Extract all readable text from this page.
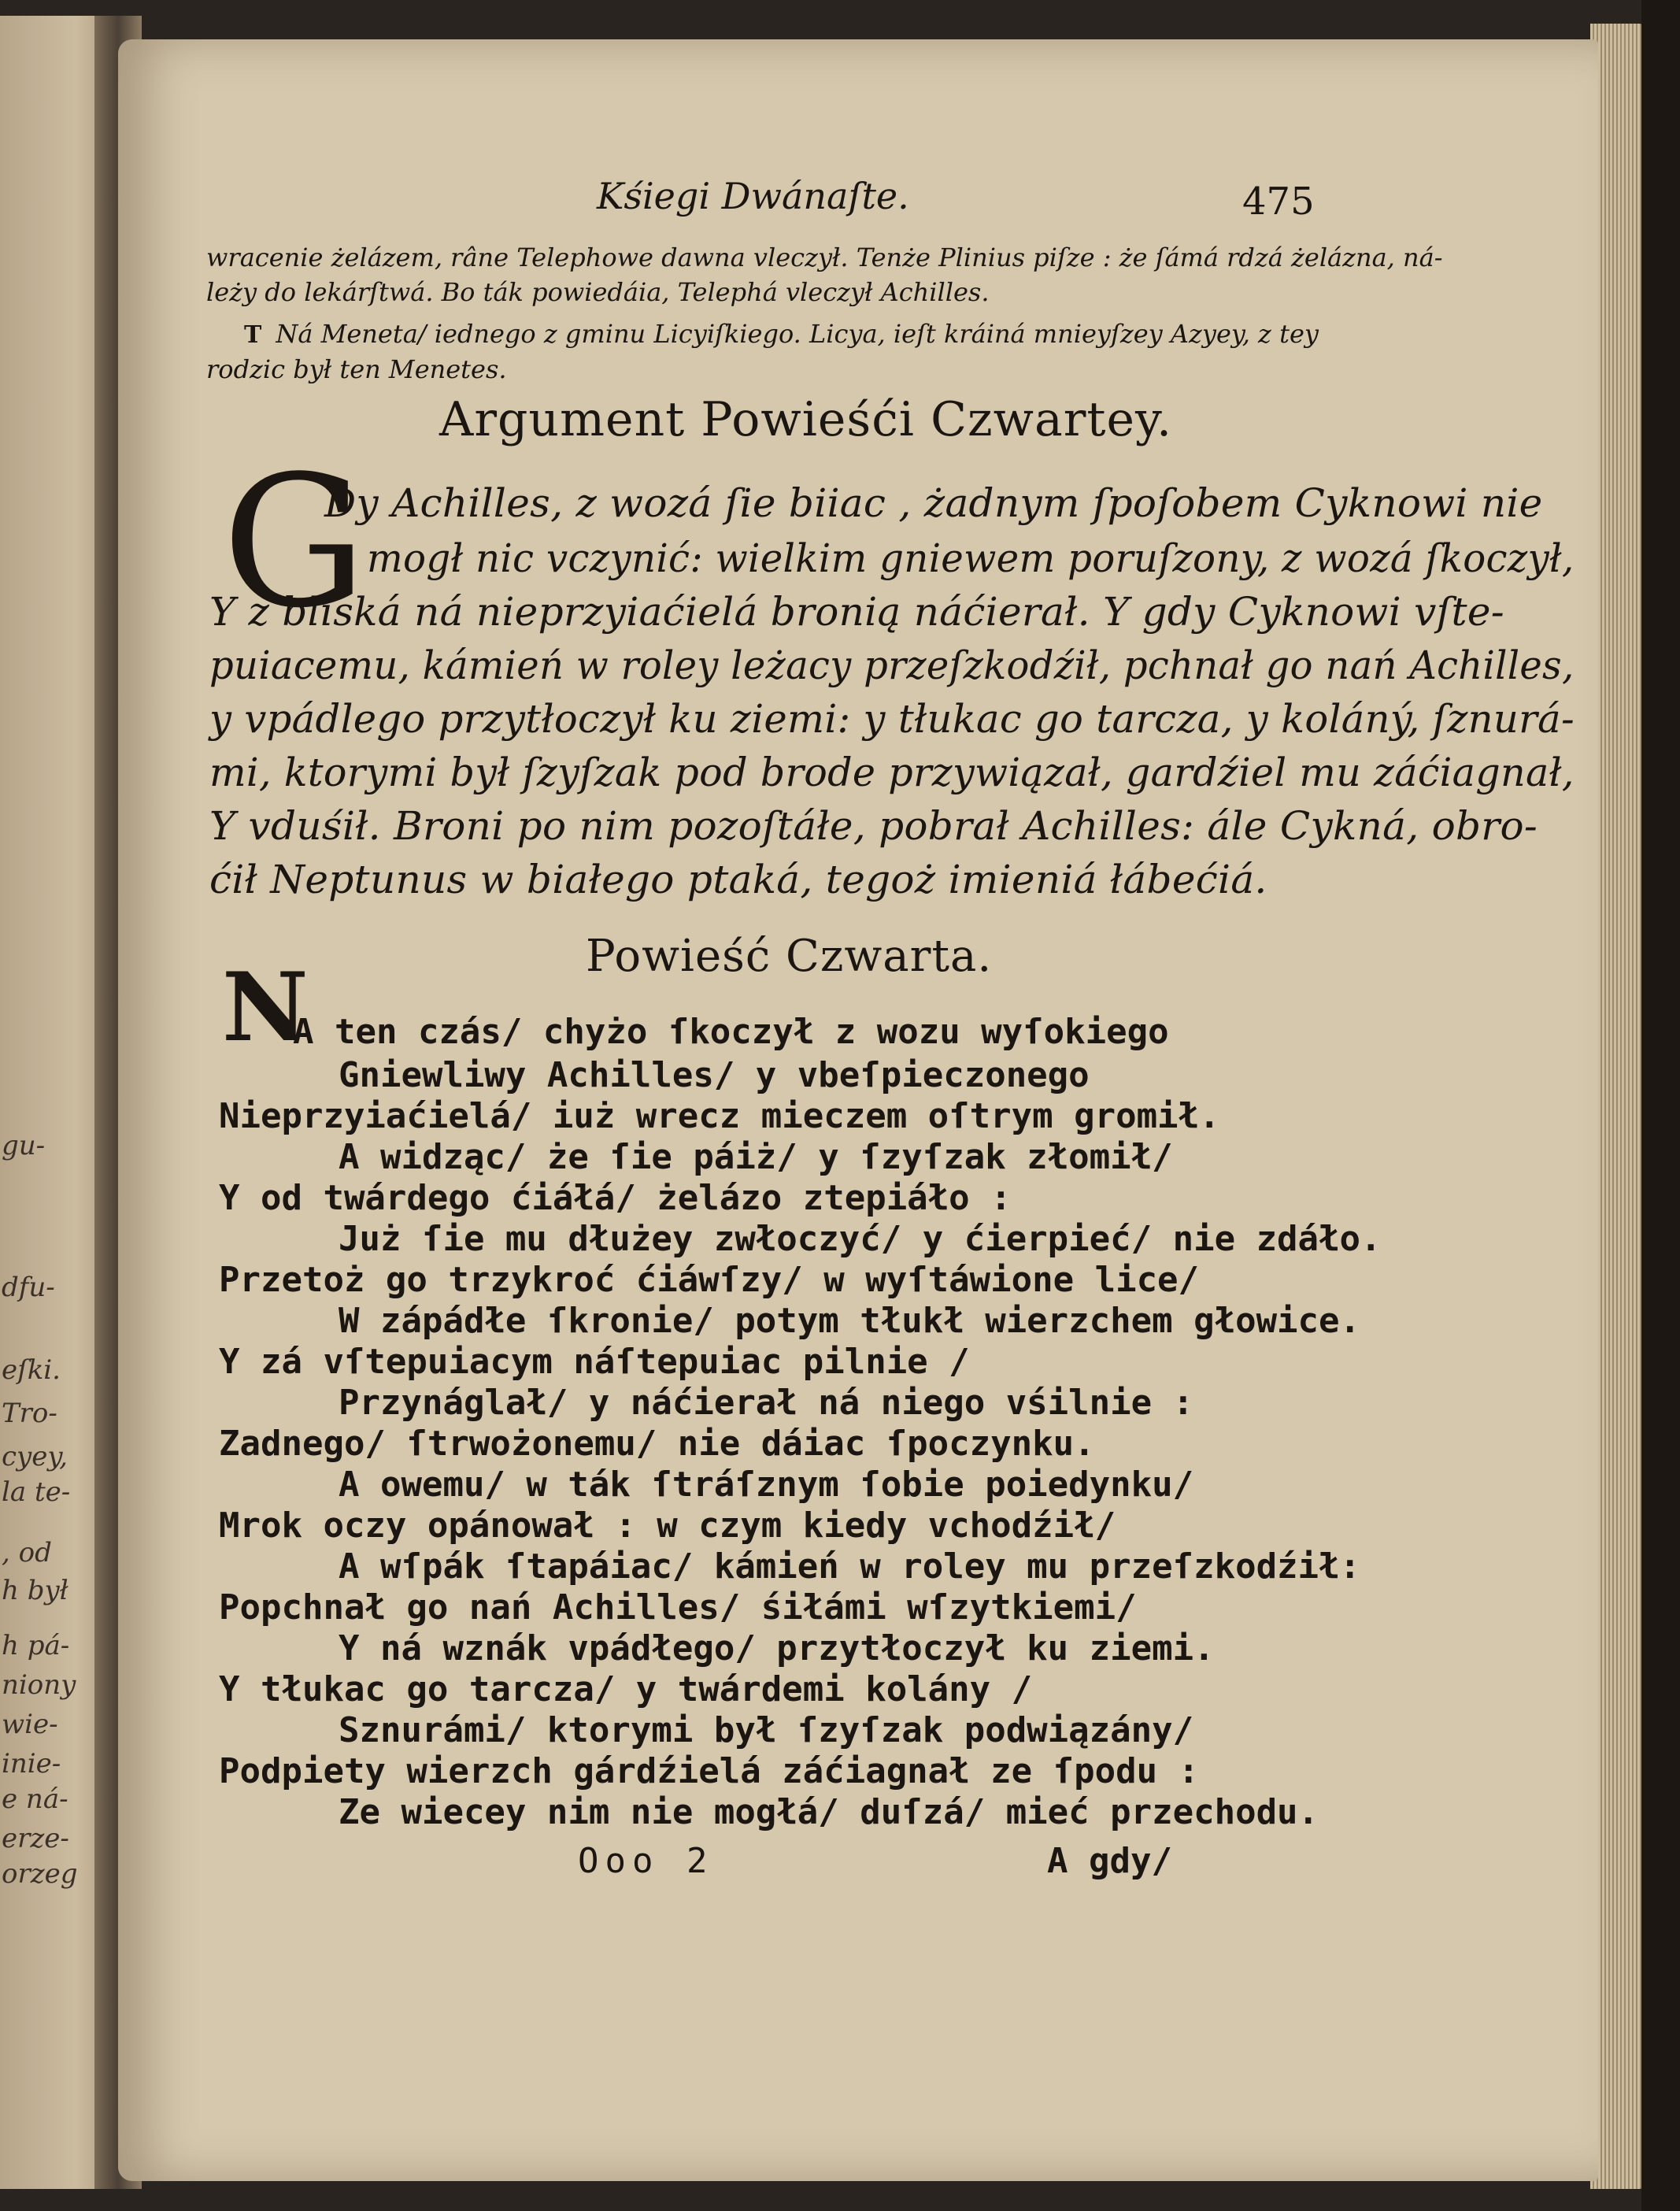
gu-
dfu-
eſki.
Tro-
cyey,
la te-
, od
h był
h pá-
niony
wie-
inie-
e ná-
erze-
orzeg
Kśiegi Dwánaſte.	475
wracenie żelázem, râne Telephowe dawna vleczył. Tenże Plinius piſze : że ſámá rdzá żelázna, ná-
leży do lekárſtwá. Bo ták powiedáia, Telephá vleczył Achilles.
T Ná Meneta/ iednego z gminu Licyiſkiego. Licya, ieſt kráiná mnieyſzey Azyey, z tey
rodzic był ten Menetes.
Argument Powieśći Czwartey.
G
Dy Achilles, z wozá ſie biiac , żadnym ſpoſobem Cyknowi nie
mogł nic vczynić: wielkim gniewem poruſzony, z wozá ſkoczył,
Y z bliská ná nieprzyiaćielá bronią náćierał. Y gdy Cyknowi vſte-
puiacemu, kámień w roley leżacy przeſzkodźił, pchnał go nań Achilles,
y vpádlego przytłoczył ku ziemi: y tłukac go tarcza, y koláný, ſznurá-
mi, ktorymi był ſzyſzak pod brode przywiązał, gardźiel mu záćiagnał,
Y vduśił. Broni po nim pozoſtáłe, pobrał Achilles: ále Cykná, obro-
ćił Neptunus w białego ptaká, tegoż imieniá łábećiá.
Powieść Czwarta.
N
A ten czás/ chyżo ſkoczył z wozu wyſokiego
Gniewliwy Achilles/ y vbeſpieczonego
Nieprzyiaćielá/ iuż wrecz mieczem oſtrym gromił.
A widząc/ że ſie páiż/ y ſzyſzak złomił/
Y od twárdego ćiáłá/ żelázo ztepiáło :
Już ſie mu dłużey zwłoczyć/ y ćierpieć/ nie zdáło.
Przetoż go trzykroć ćiáwſzy/ w wyſtáwione lice/
W zápádłe ſkronie/ potym tłukł wierzchem głowice.
Y zá vſtepuiacym náſtepuiac pilnie /
Przynáglał/ y náćierał ná niego vśilnie :
Zadnego/ ſtrwożonemu/ nie dáiac ſpoczynku.
A owemu/ w ták ſtráſznym ſobie poiedynku/
Mrok oczy opánował : w czym kiedy vchodźił/
A wſpák ſtapáiac/ kámień w roley mu przeſzkodźił:
Popchnał go nań Achilles/ śiłámi wſzytkiemi/
Y ná wznák vpádłego/ przytłoczył ku ziemi.
Y tłukac go tarcza/ y twárdemi kolány /
Sznurámi/ ktorymi był ſzyſzak podwiązány/
Podpiety wierzch gárdźielá záćiagnał ze ſpodu :
Ze wiecey nim nie mogłá/ duſzá/ mieć przechodu.
Ooo 2	A gdy/
